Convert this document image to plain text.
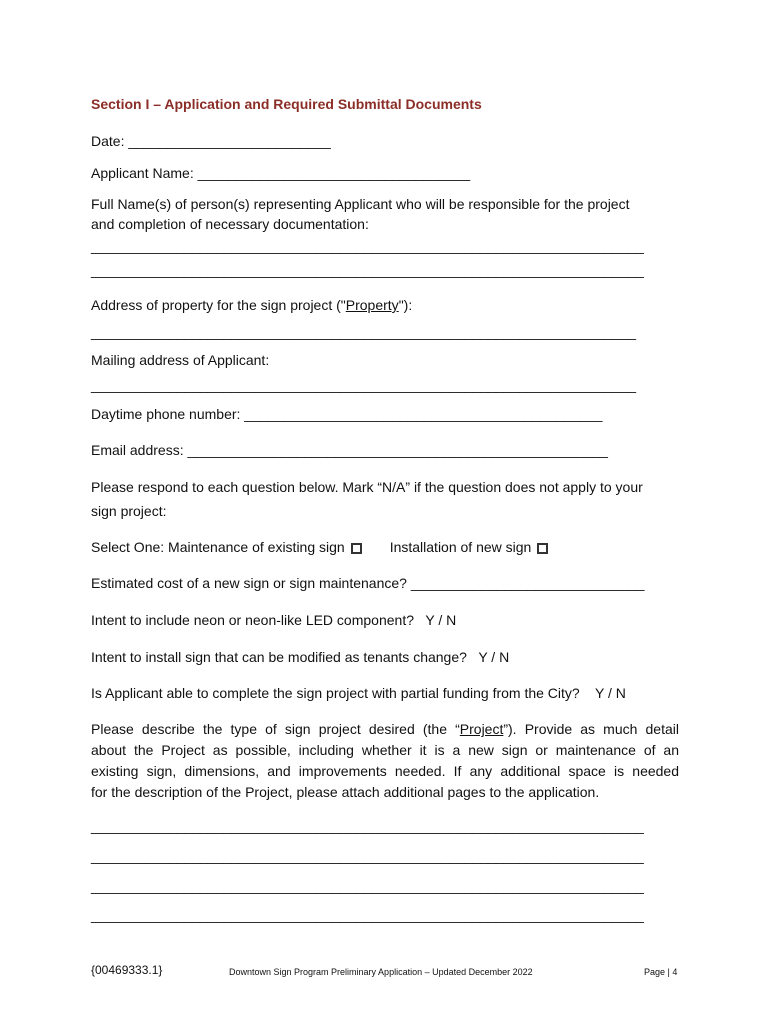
Section I – Application and Required Submittal Documents
Date: __________________________
Applicant Name: ___________________________________
Full Name(s) of person(s) representing Applicant who will be responsible for the project
and completion of necessary documentation:
_______________________________________________________________________
_______________________________________________________________________
Address of property for the sign project ("Property"):
______________________________________________________________________
Mailing address of Applicant:
______________________________________________________________________
Daytime phone number: ______________________________________________
Email address: ______________________________________________________
Please respond to each question below. Mark “N/A” if the question does not apply to your
sign project:
Select One: Maintenance of existing sign	Installation of new sign
Estimated cost of a new sign or sign maintenance? ______________________________
Intent to include neon or neon-like LED component?   Y / N
Intent to install sign that can be modified as tenants change?   Y / N
Is Applicant able to complete the sign project with partial funding from the City?    Y / N
Please describe the type of sign project desired (the “Project”). Provide as much detail
about the Project as possible, including whether it is a new sign or maintenance of an
existing sign, dimensions, and improvements needed. If any additional space is needed
for the description of the Project, please attach additional pages to the application.
_______________________________________________________________________
_______________________________________________________________________
_______________________________________________________________________
_______________________________________________________________________
{00469333.1}	Downtown Sign Program Preliminary Application – Updated December 2022	Page | 4
